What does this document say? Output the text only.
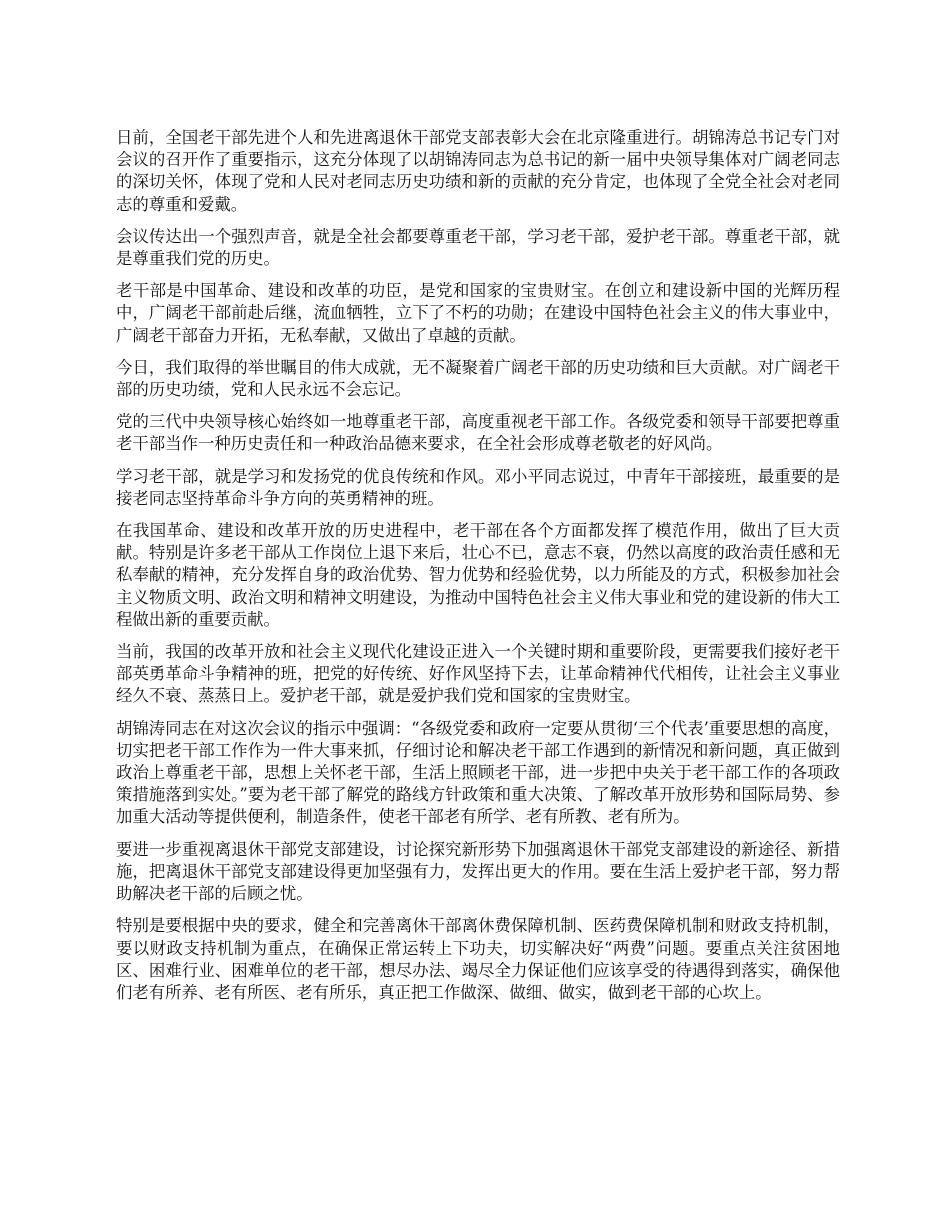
日前，全国老干部先进个人和先进离退休干部党支部表彰大会在北京隆重进行。胡锦涛总书记专门对会议的召开作了重要指示，这充分体现了以胡锦涛同志为总书记的新一届中央领导集体对广阔老同志的深切关怀，体现了党和人民对老同志历史功绩和新的贡献的充分肯定，也体现了全党全社会对老同志的尊重和爱戴。

会议传达出一个强烈声音，就是全社会都要尊重老干部，学习老干部，爱护老干部。尊重老干部，就是尊重我们党的历史。

老干部是中国革命、建设和改革的功臣，是党和国家的宝贵财宝。在创立和建设新中国的光辉历程中，广阔老干部前赴后继，流血牺牲，立下了不朽的功勋；在建设中国特色社会主义的伟大事业中，广阔老干部奋力开拓，无私奉献，又做出了卓越的贡献。

今日，我们取得的举世瞩目的伟大成就，无不凝聚着广阔老干部的历史功绩和巨大贡献。对广阔老干部的历史功绩，党和人民永远不会忘记。

党的三代中央领导核心始终如一地尊重老干部，高度重视老干部工作。各级党委和领导干部要把尊重老干部当作一种历史责任和一种政治品德来要求，在全社会形成尊老敬老的好风尚。

学习老干部，就是学习和发扬党的优良传统和作风。邓小平同志说过，中青年干部接班，最重要的是接老同志坚持革命斗争方向的英勇精神的班。

在我国革命、建设和改革开放的历史进程中，老干部在各个方面都发挥了模范作用，做出了巨大贡献。特别是许多老干部从工作岗位上退下来后，壮心不已，意志不衰，仍然以高度的政治责任感和无私奉献的精神，充分发挥自身的政治优势、智力优势和经验优势，以力所能及的方式，积极参加社会主义物质文明、政治文明和精神文明建设，为推动中国特色社会主义伟大事业和党的建设新的伟大工程做出新的重要贡献。

当前，我国的改革开放和社会主义现代化建设正进入一个关键时期和重要阶段，更需要我们接好老干部英勇革命斗争精神的班，把党的好传统、好作风坚持下去，让革命精神代代相传，让社会主义事业经久不衰、蒸蒸日上。爱护老干部，就是爱护我们党和国家的宝贵财宝。

胡锦涛同志在对这次会议的指示中强调：“各级党委和政府一定要从贯彻‘三个代表’重要思想的高度，切实把老干部工作作为一件大事来抓，仔细讨论和解决老干部工作遇到的新情况和新问题，真正做到政治上尊重老干部，思想上关怀老干部，生活上照顾老干部，进一步把中央关于老干部工作的各项政策措施落到实处。”要为老干部了解党的路线方针政策和重大决策、了解改革开放形势和国际局势、参加重大活动等提供便利，制造条件，使老干部老有所学、老有所教、老有所为。

要进一步重视离退休干部党支部建设，讨论探究新形势下加强离退休干部党支部建设的新途径、新措施，把离退休干部党支部建设得更加坚强有力，发挥出更大的作用。要在生活上爱护老干部，努力帮助解决老干部的后顾之忧。

特别是要根据中央的要求，健全和完善离休干部离休费保障机制、医药费保障机制和财政支持机制，要以财政支持机制为重点，在确保正常运转上下功夫，切实解决好“两费”问题。要重点关注贫困地区、困难行业、困难单位的老干部，想尽办法、竭尽全力保证他们应该享受的待遇得到落实，确保他们老有所养、老有所医、老有所乐，真正把工作做深、做细、做实，做到老干部的心坎上。
